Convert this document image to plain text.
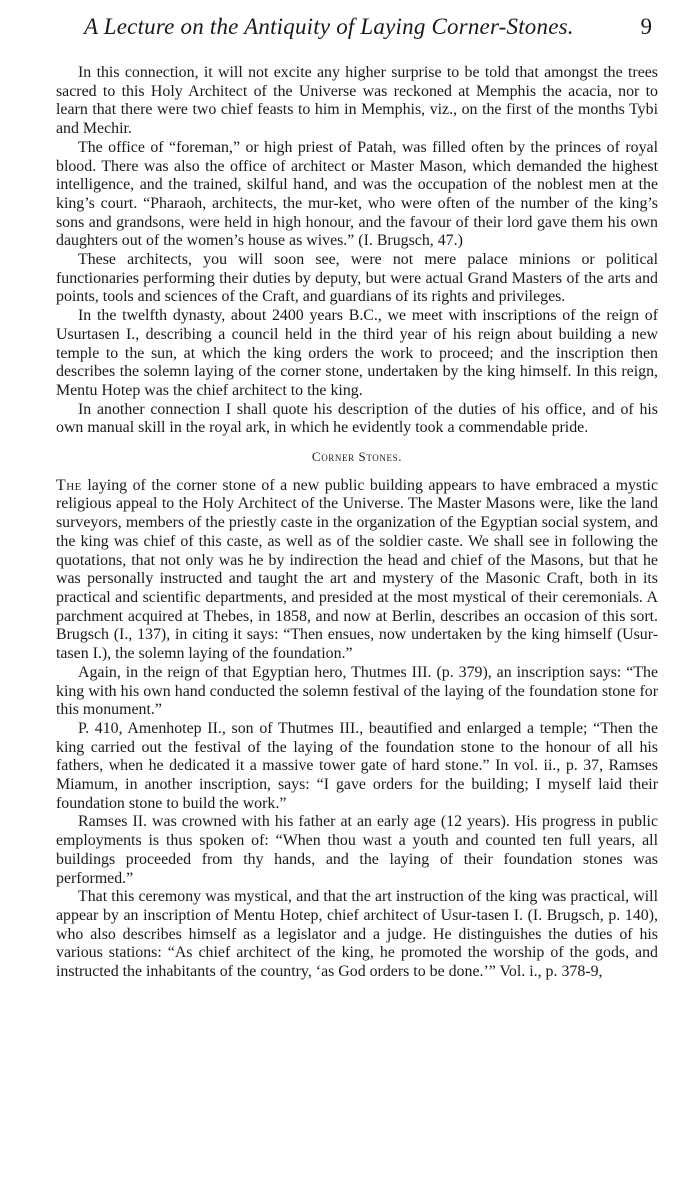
A Lecture on the Antiquity of Laying Corner-Stones.	9

In this connection, it will not excite any higher surprise to be told that amongst the trees sacred to this Holy Architect of the Universe was reckoned at Memphis the acacia, nor to learn that there were two chief feasts to him in Memphis, viz., on the first of the months Tybi and Mechir.

The office of “foreman,” or high priest of Patah, was filled often by the princes of royal blood. There was also the office of architect or Master Mason, which demanded the highest intelligence, and the trained, skilful hand, and was the occupation of the noblest men at the king’s court. “Pharaoh, architects, the mur-ket, who were often of the number of the king’s sons and grandsons, were held in high honour, and the favour of their lord gave them his own daughters out of the women’s house as wives.” (I. Brugsch, 47.)

These architects, you will soon see, were not mere palace minions or political functionaries performing their duties by deputy, but were actual Grand Masters of the arts and points, tools and sciences of the Craft, and guardians of its rights and privileges.

In the twelfth dynasty, about 2400 years B.C., we meet with inscriptions of the reign of Usurtasen I., describing a council held in the third year of his reign about building a new temple to the sun, at which the king orders the work to proceed; and the inscription then describes the solemn laying of the corner stone, undertaken by the king himself. In this reign, Mentu Hotep was the chief architect to the king.

In another connection I shall quote his description of the duties of his office, and of his own manual skill in the royal ark, in which he evidently took a commendable pride.

Corner Stones.

The laying of the corner stone of a new public building appears to have embraced a mystic religious appeal to the Holy Architect of the Universe. The Master Masons were, like the land surveyors, members of the priestly caste in the organization of the Egyptian social system, and the king was chief of this caste, as well as of the soldier caste. We shall see in following the quotations, that not only was he by indirection the head and chief of the Masons, but that he was personally instructed and taught the art and mystery of the Masonic Craft, both in its practical and scientific departments, and presided at the most mystical of their ceremonials. A parchment acquired at Thebes, in 1858, and now at Berlin, describes an occasion of this sort. Brugsch (I., 137), in citing it says: “Then ensues, now undertaken by the king himself (Usur-tasen I.), the solemn laying of the foundation.”

Again, in the reign of that Egyptian hero, Thutmes III. (p. 379), an inscription says: “The king with his own hand conducted the solemn festival of the laying of the foundation stone for this monument.”

P. 410, Amenhotep II., son of Thutmes III., beautified and enlarged a temple; “Then the king carried out the festival of the laying of the foundation stone to the honour of all his fathers, when he dedicated it a massive tower gate of hard stone.” In vol. ii., p. 37, Ramses Miamum, in another inscription, says: “I gave orders for the building; I myself laid their foundation stone to build the work.”

Ramses II. was crowned with his father at an early age (12 years). His progress in public employments is thus spoken of: “When thou wast a youth and counted ten full years, all buildings proceeded from thy hands, and the laying of their foundation stones was performed.”

That this ceremony was mystical, and that the art instruction of the king was practical, will appear by an inscription of Mentu Hotep, chief architect of Usur-tasen I. (I. Brugsch, p. 140), who also describes himself as a legislator and a judge. He distinguishes the duties of his various stations: “As chief architect of the king, he promoted the worship of the gods, and instructed the inhabitants of the country, ‘as God orders to be done.’” Vol. i., p. 378-9,
